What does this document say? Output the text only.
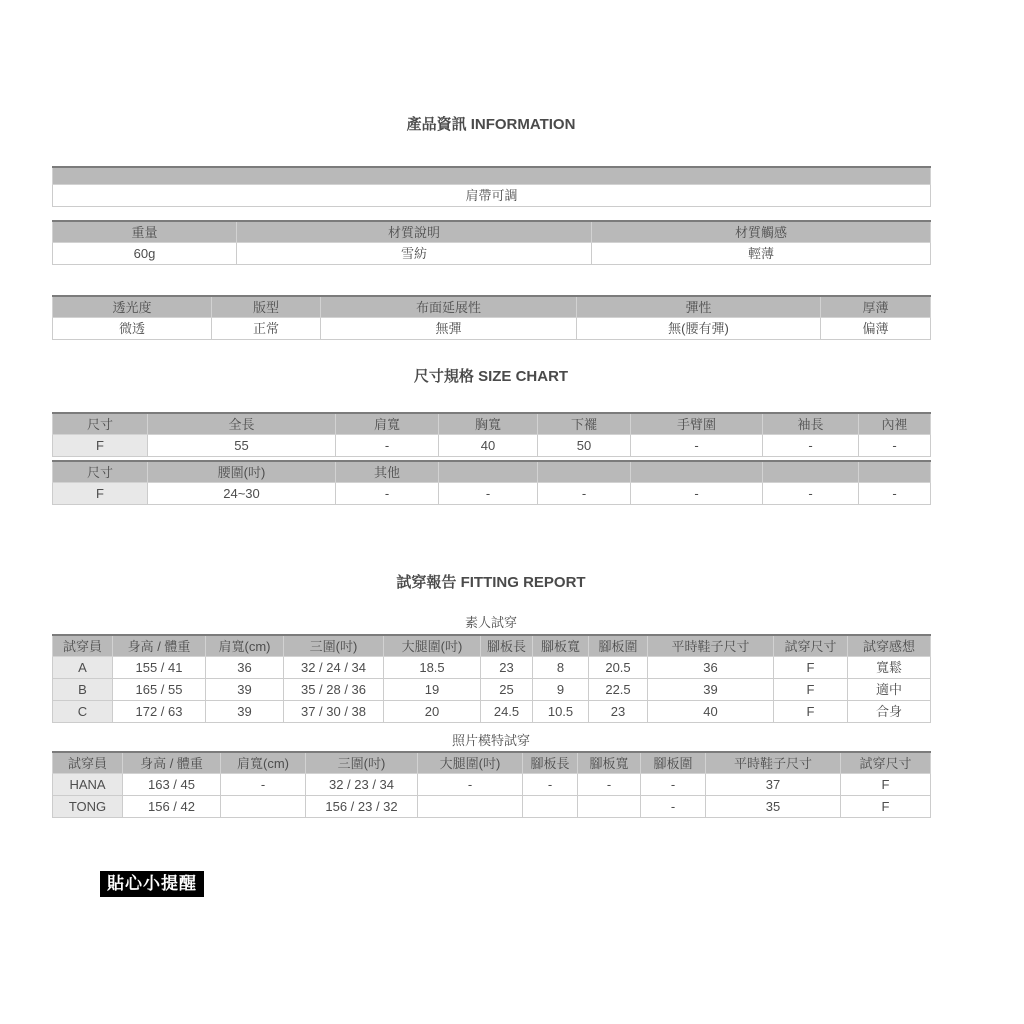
產品資訊 INFORMATION

肩帶可調
重量	材質說明	材質觸感
60g	雪紡	輕薄
透光度	版型	布面延展性	彈性	厚薄
微透	正常	無彈	無(腰有彈)	偏薄
尺寸規格 SIZE CHART
尺寸	全長	肩寬	胸寬	下襬	手臂圍	袖長	內裡
F	55	-	40	50	-	-	-
尺寸	腰圍(吋)	其他					
F	24~30	-	-	-	-	-	-
試穿報告 FITTING REPORT

素人試穿

試穿員	身高 / 體重	肩寬(cm)	三圍(吋)	大腿圍(吋)	腳板長	腳板寬	腳板圍	平時鞋子尺寸	試穿尺寸	試穿感想
A	155 / 41	36	32 / 24 / 34	18.5	23	8	20.5	36	F	寬鬆
B	165 / 55	39	35 / 28 / 36	19	25	9	22.5	39	F	適中
C	172 / 63	39	37 / 30 / 38	20	24.5	10.5	23	40	F	合身

照片模特試穿

試穿員	身高 / 體重	肩寬(cm)	三圍(吋)	大腿圍(吋)	腳板長	腳板寬	腳板圍	平時鞋子尺寸	試穿尺寸
HANA	163 / 45	-	32 / 23 / 34	-	-	-	-	37	F
TONG	156 / 42		156 / 23 / 32				-	35	F
貼心小提醒
